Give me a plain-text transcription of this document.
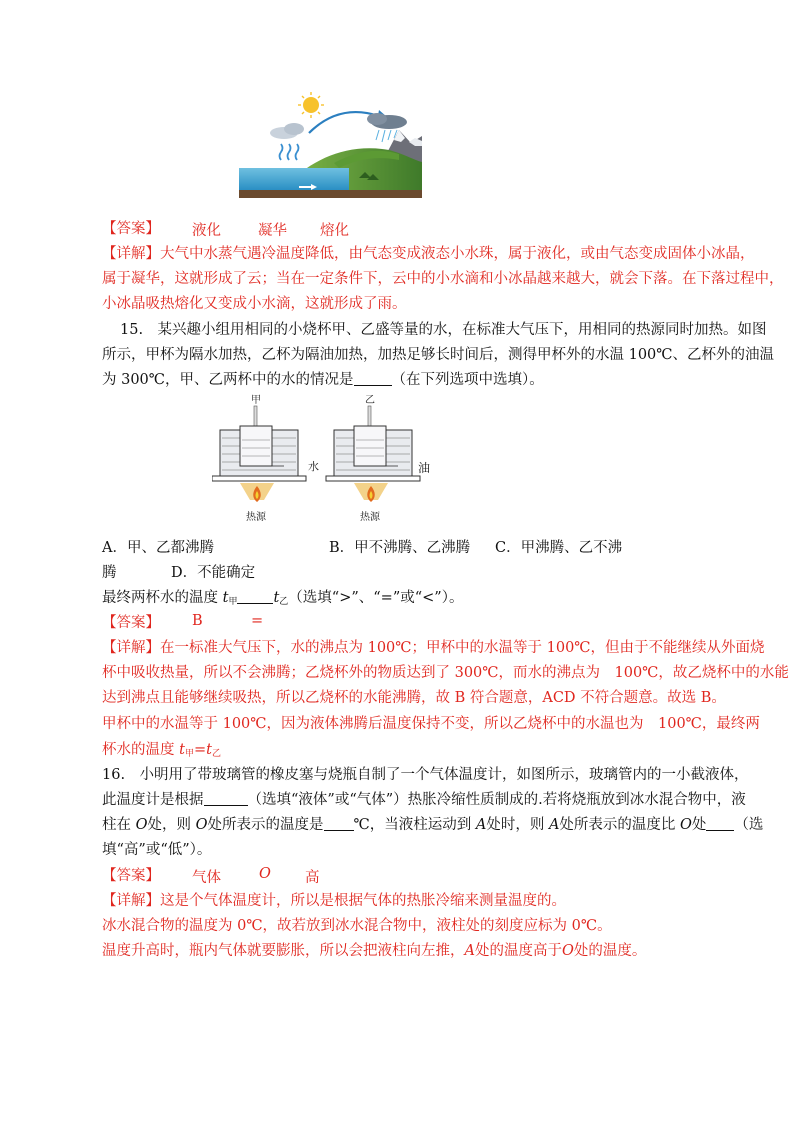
【答案】 液化	凝华 熔化
【详解】大气中水蒸气遇冷温度降低，由气态变成液态小水珠，属于液化，或由气态变成固体小冰晶，
属于凝华，这就形成了云；当在一定条件下，云中的小水滴和小冰晶越来越大，就会下落。在下落过程中，
小冰晶吸热熔化又变成小水滴，这就形成了雨。
15.　某兴趣小组用相同的小烧杯甲、乙盛等量的水，在标准大气压下，用相同的热源同时加热。如图
所示，甲杯为隔水加热，乙杯为隔油加热，加热足够长时间后，测得甲杯外的水温 100℃、乙杯外的油温
为 300℃，甲、乙两杯中的水的情况是	（在下列选项中选填）。
甲
水
热源
乙
热源
油
A．甲、乙都沸腾	B．甲不沸腾、乙沸腾 C．甲沸腾、乙不沸
腾	D．不能确定
最终两杯水的温度 $t_甲$ $t_乙$（选填“>”、“=”或“<”）。
【答案】 B	=
【详解】在一标准大气压下，水的沸点为 100℃；甲杯中的水温等于 100℃，但由于不能继续从外面烧
杯中吸收热量，所以不会沸腾；乙烧杯外的物质达到了 300℃，而水的沸点为　100℃，故乙烧杯中的水能
达到沸点且能够继续吸热，所以乙烧杯的水能沸腾，故 B 符合题意，ACD 不符合题意。故选 B。
甲杯中的水温等于 100℃，因为液体沸腾后温度保持不变，所以乙烧杯中的水温也为　100℃，最终两
杯水的温度 $t_甲=t_乙$
16.　小明用了带玻璃管的橡皮塞与烧瓶自制了一个气体温度计，如图所示，玻璃管内的一小截液体，
此温度计是根据	（选填“液体”或“气体”）热胀冷缩性质制成的.若将烧瓶放到冰水混合物中，液
柱在 O处，则 O处所表示的温度是 ℃，当液柱运动到 A处时，则 A处所表示的温度比 O处 （选
填“高”或“低”）。
【答案】 气体	O 高
【详解】这是个气体温度计，所以是根据气体的热胀冷缩来测量温度的。
冰水混合物的温度为 0℃，故若放到冰水混合物中，液柱处的刻度应标为 0℃。
温度升高时，瓶内气体就要膨胀，所以会把液柱向左推，A处的温度高于O处的温度。
